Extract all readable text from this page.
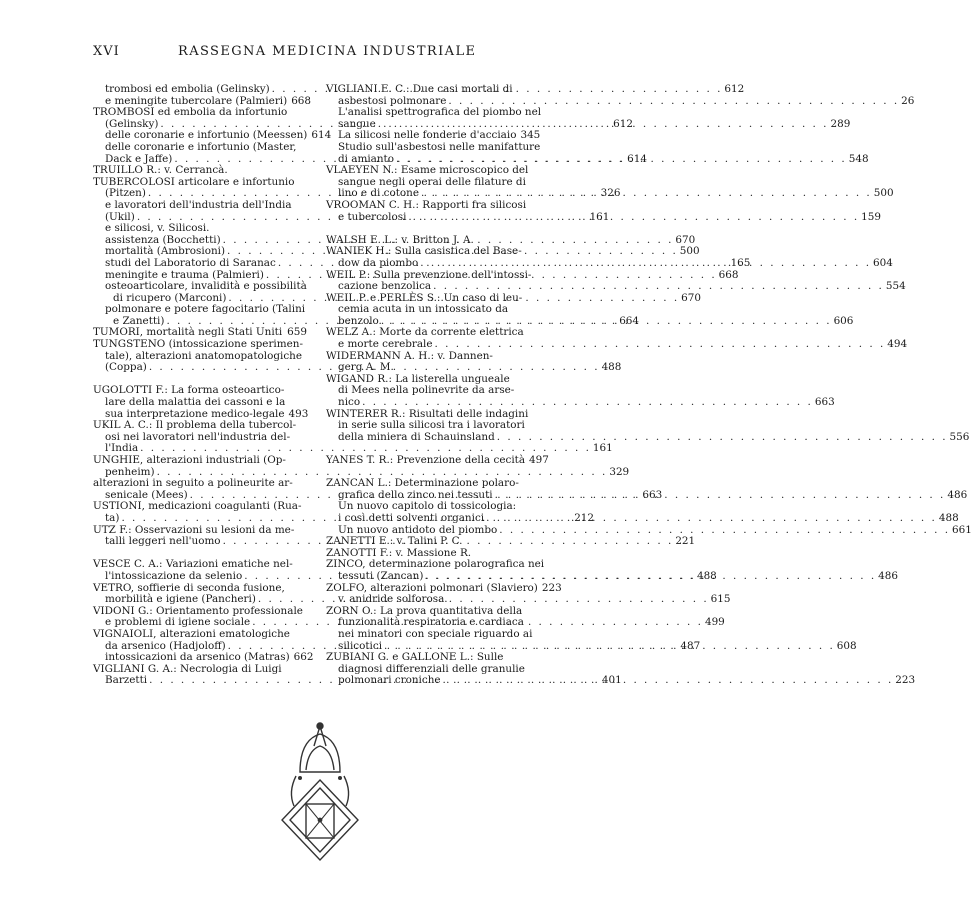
XVI	RASSEGNA MEDICINA INDUSTRIALE
trombosi ed embolia (Gelinsky) . . .	612
e meningite tubercolare (Palmieri) 668
TROMBOSI ed embolia da infortunio
(Gelinsky) . . .	612
delle coronarie e infortunio (Meessen) 614
delle coronarie e infortunio (Master,
Dack e Jaffe) . . .	614
TRUILLO R.: v. Cerrancà.
TUBERCOLOSI articolare e infortunio
(Pitzen) . . .	326
e lavoratori dell'industria dell'India
(Ukil) . . .	161
e silicosi, v. Silicosi.
assistenza (Bocchetti) . . .	670
mortalità (Ambrosioni) . . .	500
studi del Laboratorio di Saranac . . .	165
meningite e trauma (Palmieri) . . .	668
osteoarticolare, invalidità e possibilità
di ricupero (Marconi) . . .	670
polmonare e potere fagocitario (Talini
e Zanetti) . . .	664
TUMORI, mortalità negli Stati Uniti . . . 659
TUNGSTENO (intossicazione sperimen-
tale), alterazioni anatomopatologiche
(Coppa) . . .	488
UGOLOTTI F.: La forma osteoartico-
lare della malattia dei cassoni e la
sua interpretazione medico-legale 493
UKIL A. C.: Il problema della tubercol-
osi nei lavoratori nell'industria del-
l'India . . .	161
UNGHIE, alterazioni industriali (Op-
penheim) . . .	329
alterazioni in seguito a polineurite ar-
senicale (Mees) . . .	663
USTIONI, medicazioni coagulanti (Rua-
ta) . . .	212
UTZ F.: Osservazioni su lesioni da me-
talli leggeri nell'uomo . . .	221
VESCE C. A.: Variazioni ematiche nel-
l'intossicazione da selenio . . .	488
VETRO, soffierie di seconda fusione,
morbilità e igiene (Pancheri) . . .	615
VIDONI G.: Orientamento professionale
e problemi di igiene sociale . . .	499
VIGNAIOLI, alterazioni ematologiche
da arsenico (Hadjoloff) . . .	487
intossicazioni da arsenico (Matras) 662
VIGLIANI G. A.: Necrologia di Luigi
Barzetti . . .	401
VIGLIANI E. C.: Due casi mortali di
asbestosi polmonare . . .	26
L'analisi spettrografica del piombo nel
sangue . . .	289
La silicosi nelle fonderie d'acciaio 345
Studio sull'asbestosi nelle manifatture
di amianto . . .	548
VLAEYEN N.: Esame microscopico del
sangue negli operai delle filature di
lino e di cotone . . .	500
VROOMAN C. H.: Rapporti fra silicosi
e tubercolosi . . .	159
WALSH E. L.: v. Britton J. A.
WANIEK H.: Sulla casistica del Base-
dow da piombo . . .	604
WEIL P.: Sulla prevenzione dell'intossi-
cazione benzolica . . .	554
WEIL P. e PERLÈS S.: Un caso di leu-
cemia acuta in un intossicato da
benzolo . . .	606
WELZ A.: Morte da corrente elettrica
e morte cerebrale . . .	494
WIDERMANN A. H.: v. Dannen-
gerg A. M.
WIGAND R.: La listerella ungueale
di Mees nella polinevrite da arse-
nico . . .	663
WINTERER R.: Risultati delle indagini
in serie sulla silicosi tra i lavoratori
della miniera di Schauinsland . . .	556
YANES T. R.: Prevenzione della cecità 497
ZANCAN L.: Determinazione polaro-
grafica dello zinco nei tessuti . . .	486
Un nuovo capitolo di tossicologia:
i così detti solventi organici . . .	488
Un nuovo antidoto del piombo . . .	661
ZANETTI E.: v. Talini P. C.
ZANOTTI F.: v. Massione R.
ZINCO, determinazione polarografica nei
tessuti (Zancan) . . .	486
ZOLFO, alterazioni polmonari (Slaviero) 223
v. anidride solforosa.
ZORN O.: La prova quantitativa della
funzionalità respiratoria e cardiaca
nei minatori con speciale riguardo ai
silicotici . . .	608
ZUBIANI G. e GALLONE L.: Sulle
diagnosi differenziali delle granulie
polmonari croniche . . .	223
